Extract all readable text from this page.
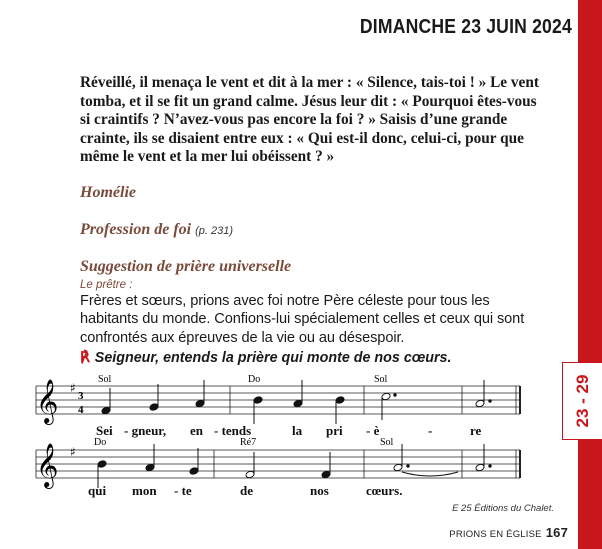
DIMANCHE 23 JUIN 2024
23 - 29
Réveillé, il menaça le vent et dit à la mer : « Silence, tais-toi ! » Le vent tomba, et il se fit un grand calme. Jésus leur dit : « Pourquoi êtes-vous si craintifs ? N’avez-vous pas encore la foi ? » Saisis d’une grande crainte, ils se disaient entre eux : « Qui est-il donc, celui-ci, pour que même le vent et la mer lui obéissent ? »
Homélie
Profession de foi (p. 231)
Suggestion de prière universelle
Le prêtre :
Frères et sœurs, prions avec foi notre Père céleste pour tous les habitants du monde. Confions-lui spécialement celles et ceux qui sont confrontés aux épreuves de la vie ou au désespoir.
℟ Seigneur, entends la prière qui monte de nos cœurs.
𝄞 ♯
3
4
Sol	Do	Sol
Sei - gneur, en - tends	la pri - è	-	re
𝄞 ♯
Do	Ré7	Sol
qui mon - te	de	nos	cœurs.
E 25 Éditions du Chalet.
PRIONS EN ÉGLISE 167
